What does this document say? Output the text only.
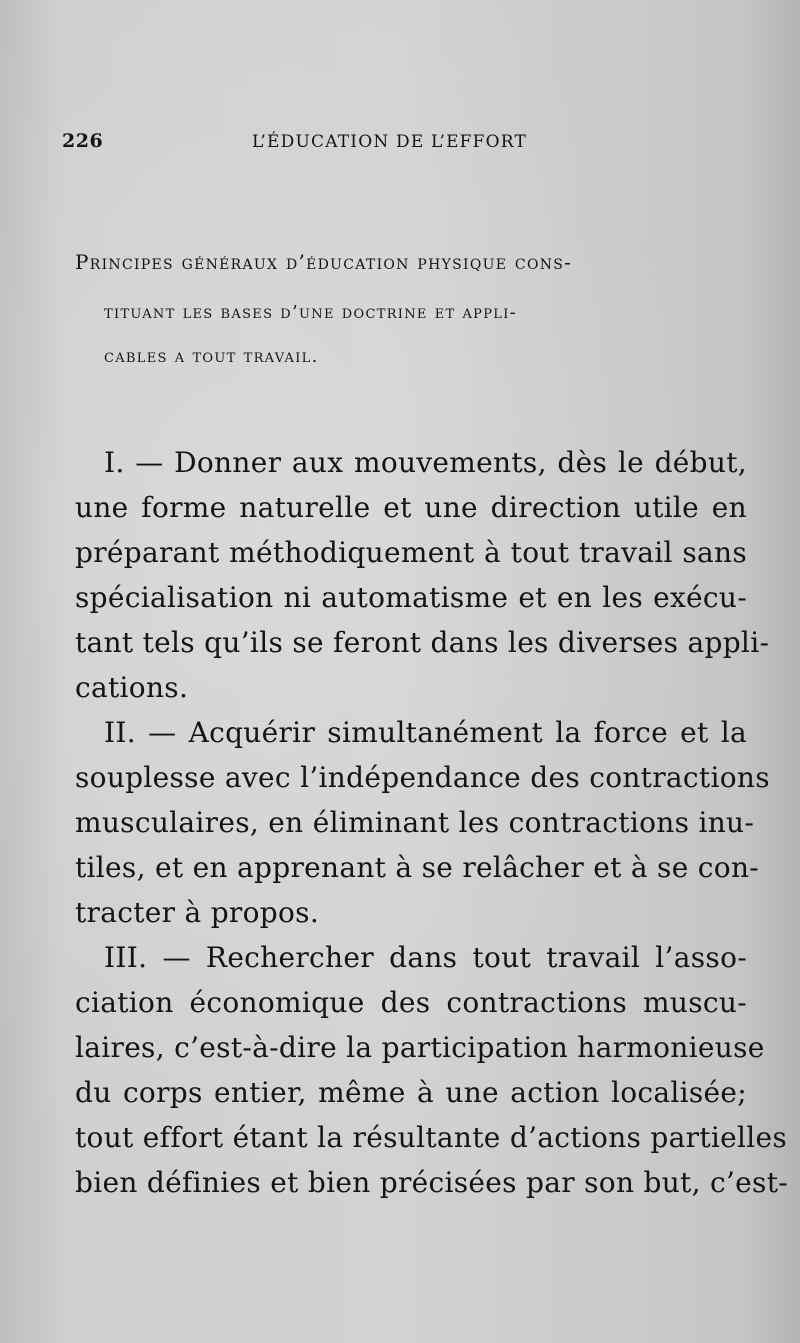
226	L’ÉDUCATION DE L’EFFORT
Principes généraux d’éducation physique cons-
tituant les bases d’une doctrine et appli-
cables a tout travail.
I. — Donner aux mouvements, dès le début,
une forme naturelle et une direction utile en
préparant méthodiquement à tout travail sans
spécialisation ni automatisme et en les exécu-
tant tels qu’ils se feront dans les diverses appli-
cations.
II. — Acquérir simultanément la force et la
souplesse avec l’indépendance des contractions
musculaires, en éliminant les contractions inu-
tiles, et en apprenant à se relâcher et à se con-
tracter à propos.
III. — Rechercher dans tout travail l’asso-
ciation économique des contractions muscu-
laires, c’est-à-dire la participation harmonieuse
du corps entier, même à une action localisée;
tout effort étant la résultante d’actions partielles
bien définies et bien précisées par son but, c’est-
